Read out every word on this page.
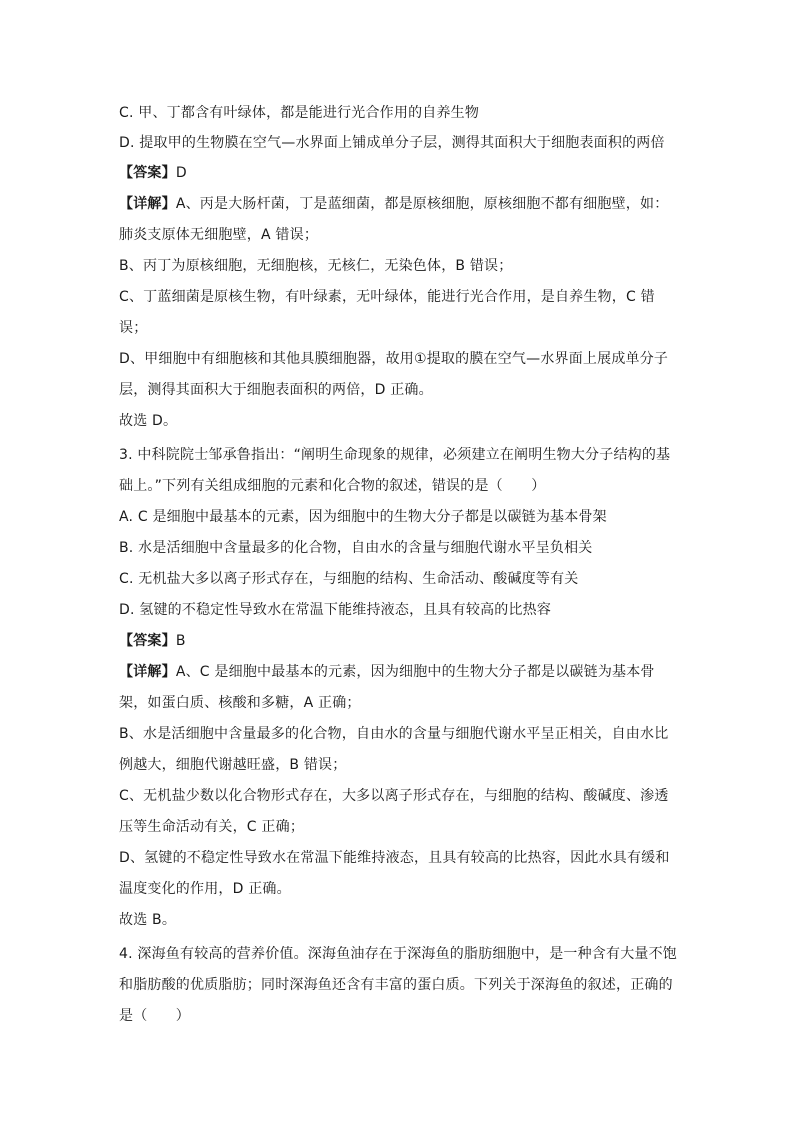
C. 甲、丁都含有叶绿体，都是能进行光合作用的自养生物
D. 提取甲的生物膜在空气—水界面上铺成单分子层，测得其面积大于细胞表面积的两倍
【答案】D
【详解】A、丙是大肠杆菌，丁是蓝细菌，都是原核细胞，原核细胞不都有细胞壁，如：
肺炎支原体无细胞壁，A 错误；
B、丙丁为原核细胞，无细胞核，无核仁，无染色体，B 错误；
C、丁蓝细菌是原核生物，有叶绿素，无叶绿体，能进行光合作用，是自养生物，C 错
误；
D、甲细胞中有细胞核和其他具膜细胞器，故用①提取的膜在空气—水界面上展成单分子
层，测得其面积大于细胞表面积的两倍，D 正确。
故选 D。
3. 中科院院士邹承鲁指出：“阐明生命现象的规律，必须建立在阐明生物大分子结构的基
础上。”下列有关组成细胞的元素和化合物的叙述，错误的是（　　）
A. C 是细胞中最基本的元素，因为细胞中的生物大分子都是以碳链为基本骨架
B. 水是活细胞中含量最多的化合物，自由水的含量与细胞代谢水平呈负相关
C. 无机盐大多以离子形式存在，与细胞的结构、生命活动、酸碱度等有关
D. 氢键的不稳定性导致水在常温下能维持液态，且具有较高的比热容
【答案】B
【详解】A、C 是细胞中最基本的元素，因为细胞中的生物大分子都是以碳链为基本骨
架，如蛋白质、核酸和多糖，A 正确；
B、水是活细胞中含量最多的化合物，自由水的含量与细胞代谢水平呈正相关，自由水比
例越大，细胞代谢越旺盛，B 错误；
C、无机盐少数以化合物形式存在，大多以离子形式存在，与细胞的结构、酸碱度、渗透
压等生命活动有关，C 正确；
D、氢键的不稳定性导致水在常温下能维持液态，且具有较高的比热容，因此水具有缓和
温度变化的作用，D 正确。
故选 B。
4. 深海鱼有较高的营养价值。深海鱼油存在于深海鱼的脂肪细胞中，是一种含有大量不饱
和脂肪酸的优质脂肪；同时深海鱼还含有丰富的蛋白质。下列关于深海鱼的叙述，正确的
是（　　）
